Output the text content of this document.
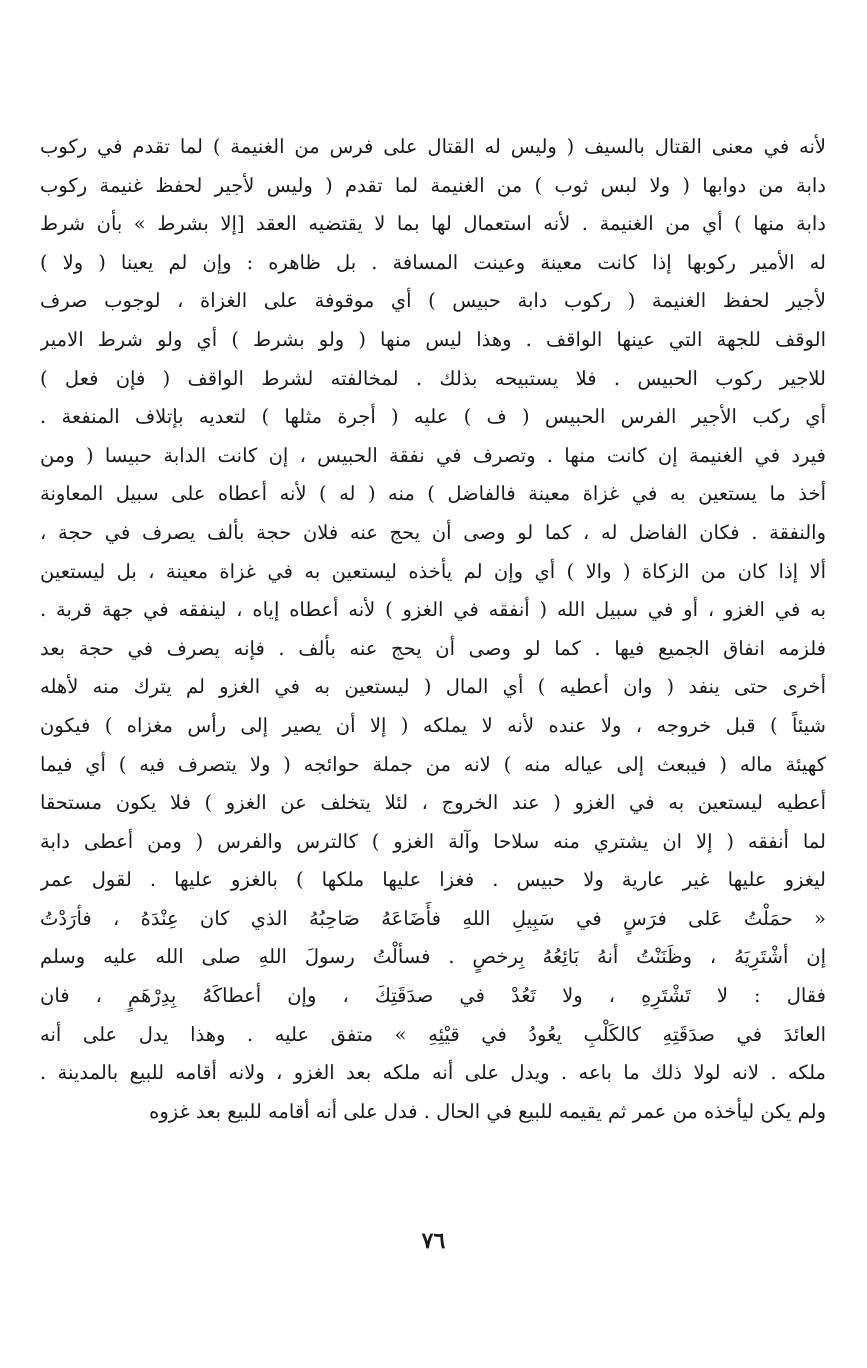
لأنه في معنى القتال بالسيف ( وليس له القتال على فرس من الغنيمة ) لما تقدم في ركوب
دابة من دوابها ( ولا لبس ثوب ) من الغنيمة لما تقدم ( وليس لأجير لحفظ غنيمة ركوب
دابة منها ) أي من الغنيمة . لأنه استعمال لها بما لا يقتضيه العقد [إلا بشرط » بأن شرط
له الأمير ركوبها إذا كانت معينة وعينت المسافة . بل ظاهره : وإن لم يعينا ( ولا )
لأجير لحفظ الغنيمة ( ركوب دابة حبيس ) أي موقوفة على الغزاة ، لوجوب صرف
الوقف للجهة التي عينها الواقف . وهذا ليس منها ( ولو بشرط ) أي ولو شرط الامير
للاجير ركوب الحبيس . فلا يستبيحه بذلك . لمخالفته لشرط الواقف ( فإن فعل )
أي ركب الأجير الفرس الحبيس ( ف ) عليه ( أجرة مثلها ) لتعديه بإتلاف المنفعة .
فيرد في الغنيمة إن كانت منها . وتصرف في نفقة الحبيس ، إن كانت الدابة حبيسا ( ومن
أخذ ما يستعين به في غزاة معينة فالفاضل ) منه ( له ) لأنه أعطاه على سبيل المعاونة
والنفقة . فكان الفاضل له ، كما لو وصى أن يحج عنه فلان حجة بألف يصرف في حجة ،
ألا إذا كان من الزكاة ( والا ) أي وإن لم يأخذه ليستعين به في غزاة معينة ، بل ليستعين
به في الغزو ، أو في سبيل الله ( أنفقه في الغزو ) لأنه أعطاه إياه ، لينفقه في جهة قربة .
فلزمه انفاق الجميع فيها . كما لو وصى أن يحج عنه بألف . فإنه يصرف في حجة بعد
أخرى حتى ينفد ( وان أعطيه ) أي المال ( ليستعين به في الغزو لم يترك منه لأهله
شيئاً ) قبل خروجه ، ولا عنده لأنه لا يملكه ( إلا أن يصير إلى رأس مغزاه ) فيكون
كهيئة ماله ( فيبعث إلى عياله منه ) لانه من جملة حوائجه ( ولا يتصرف فيه ) أي فيما
أعطيه ليستعين به في الغزو ( عند الخروج ، لئلا يتخلف عن الغزو ) فلا يكون مستحقا
لما أنفقه ( إلا ان يشتري منه سلاحا وآلة الغزو ) كالترس والفرس ( ومن أعطى دابة
ليغزو عليها غير عارية ولا حبيس . فغزا عليها ملكها ) بالغزو عليها . لقول عمر
« حمَلْتُ عَلى فرَسٍ في سَبِيلِ اللهِ فأَضَاعَهُ صَاحِبُهُ الذي كان عِنْدَهُ ، فأرَدْتُ
إن أشْتَرِيَهُ ، وظَنَنْتُ أنهُ بَائِعُهُ بِرخصٍ . فسألْتُ رسولَ اللهِ صلى الله عليه وسلم
فقال : لا تَشْتَرِهِ ، ولا تَعُدْ في صدَقَتِكَ ، وإن أعطاكَهُ بِدِرْهَمٍ ، فان
العائدَ في صدَقَتِهِ كالكَلْبِ يعُودُ في قيْئِهِ » متفق عليه . وهذا يدل على أنه
ملكه . لانه لولا ذلك ما باعه . ويدل على أنه ملكه بعد الغزو ، ولانه أقامه للبيع بالمدينة .
ولم يكن ليأخذه من عمر ثم يقيمه للبيع في الحال . فدل على أنه أقامه للبيع بعد غزوه
٧٦
